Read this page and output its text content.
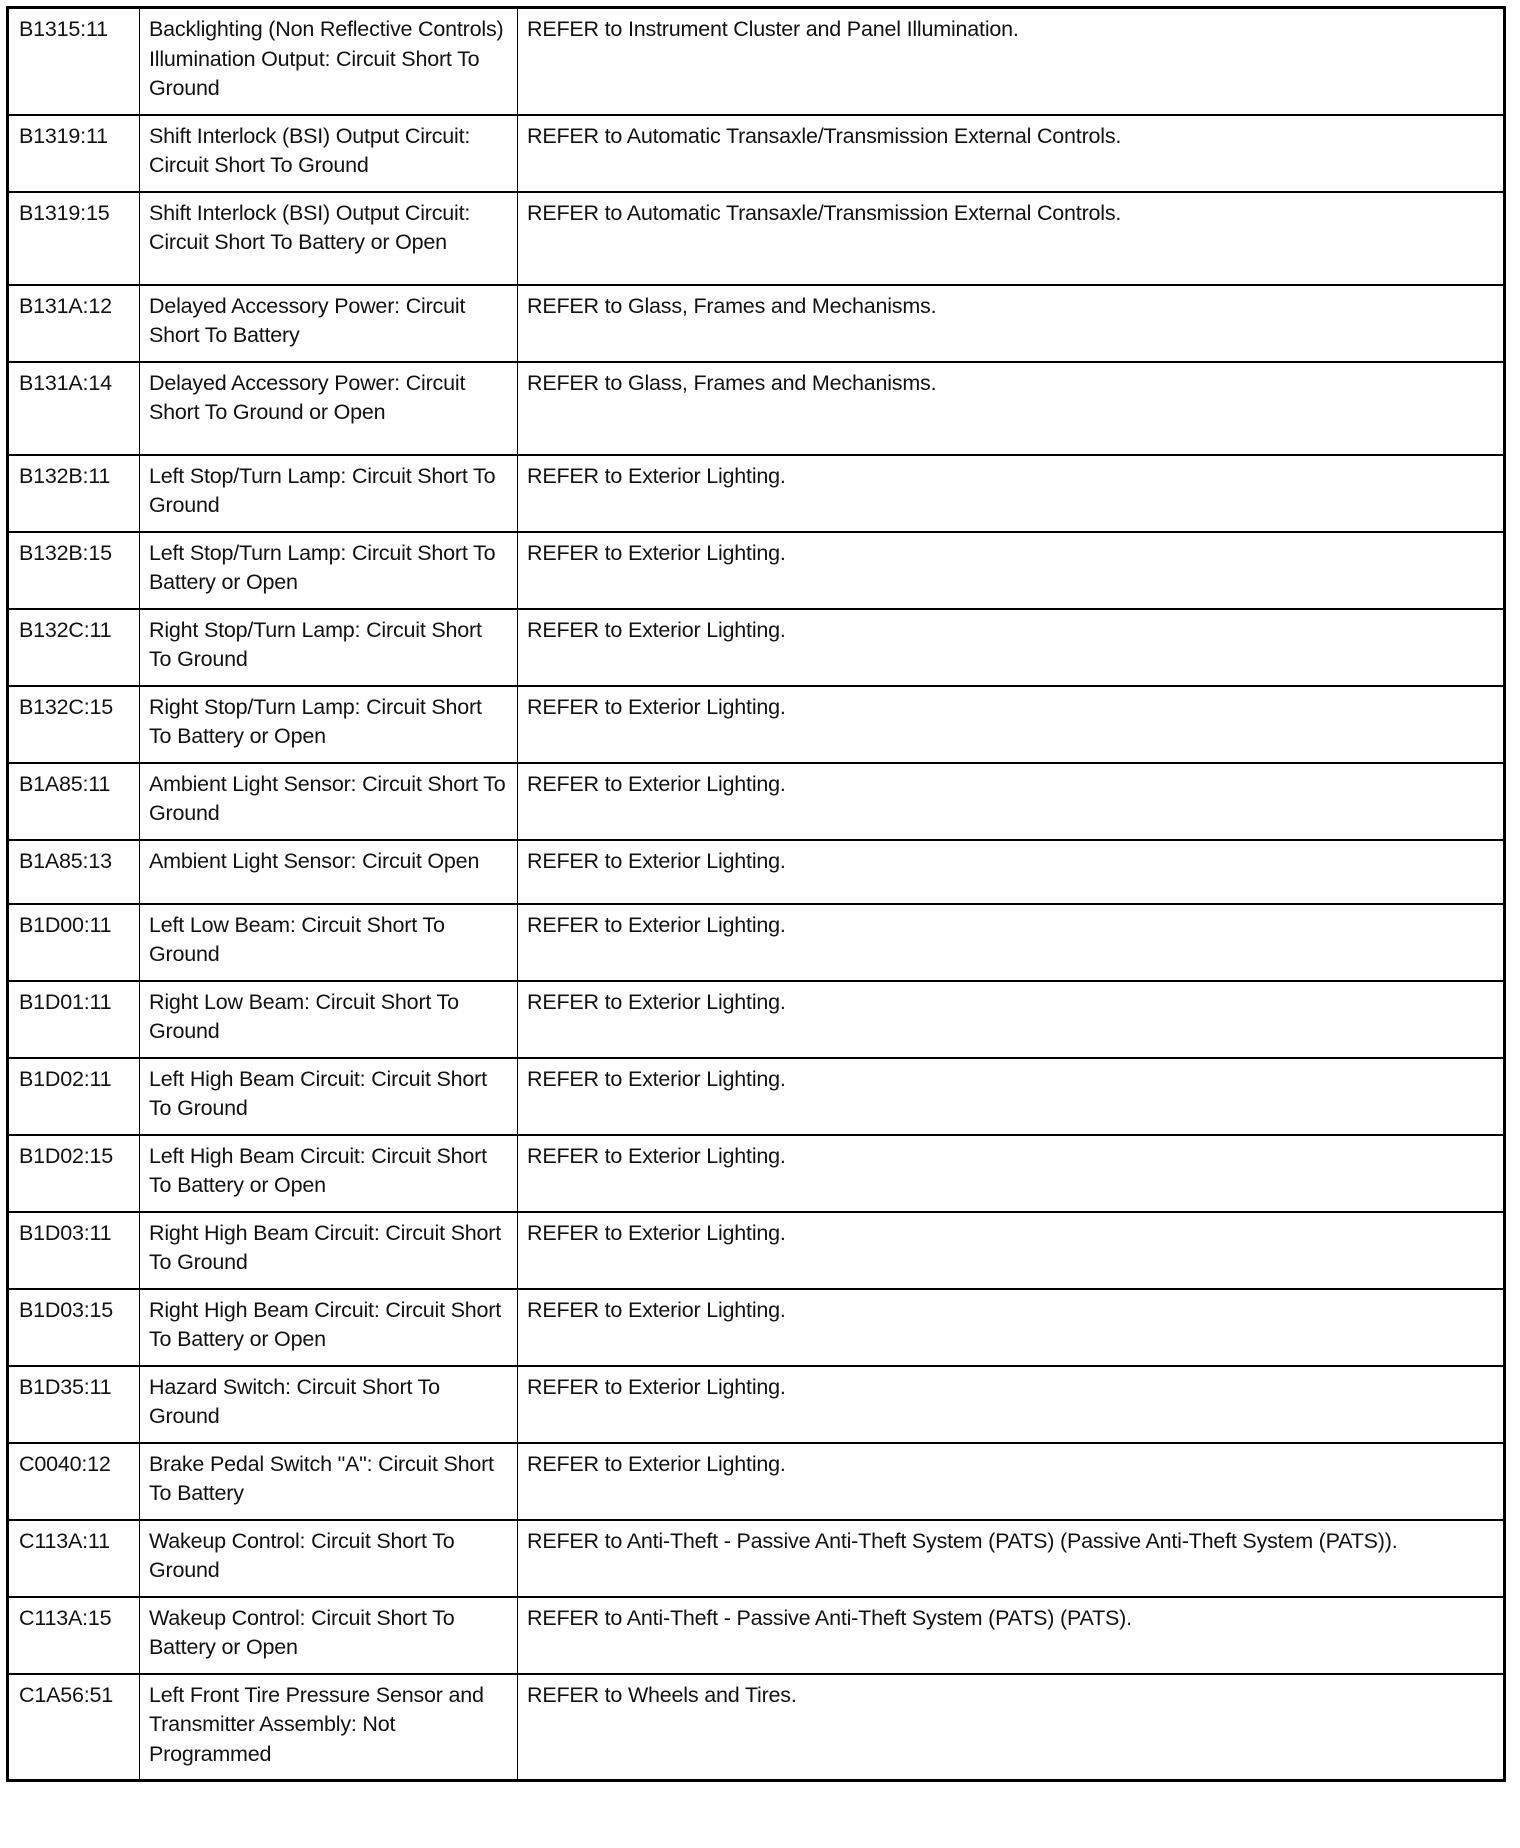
B1315:11	Backlighting (Non Reflective Controls) Illumination Output: Circuit Short To Ground	REFER to Instrument Cluster and Panel Illumination.
B1319:11	Shift Interlock (BSI) Output Circuit: Circuit Short To Ground	REFER to Automatic Transaxle/Transmission External Controls.
B1319:15	Shift Interlock (BSI) Output Circuit: Circuit Short To Battery or Open	REFER to Automatic Transaxle/Transmission External Controls.
B131A:12	Delayed Accessory Power: Circuit Short To Battery	REFER to Glass, Frames and Mechanisms.
B131A:14	Delayed Accessory Power: Circuit Short To Ground or Open	REFER to Glass, Frames and Mechanisms.
B132B:11	Left Stop/Turn Lamp: Circuit Short To Ground	REFER to Exterior Lighting.
B132B:15	Left Stop/Turn Lamp: Circuit Short To Battery or Open	REFER to Exterior Lighting.
B132C:11	Right Stop/Turn Lamp: Circuit Short To Ground	REFER to Exterior Lighting.
B132C:15	Right Stop/Turn Lamp: Circuit Short To Battery or Open	REFER to Exterior Lighting.
B1A85:11	Ambient Light Sensor: Circuit Short To Ground	REFER to Exterior Lighting.
B1A85:13	Ambient Light Sensor: Circuit Open	REFER to Exterior Lighting.
B1D00:11	Left Low Beam: Circuit Short To Ground	REFER to Exterior Lighting.
B1D01:11	Right Low Beam: Circuit Short To Ground	REFER to Exterior Lighting.
B1D02:11	Left High Beam Circuit: Circuit Short To Ground	REFER to Exterior Lighting.
B1D02:15	Left High Beam Circuit: Circuit Short To Battery or Open	REFER to Exterior Lighting.
B1D03:11	Right High Beam Circuit: Circuit Short To Ground	REFER to Exterior Lighting.
B1D03:15	Right High Beam Circuit: Circuit Short To Battery or Open	REFER to Exterior Lighting.
B1D35:11	Hazard Switch: Circuit Short To Ground	REFER to Exterior Lighting.
C0040:12	Brake Pedal Switch "A": Circuit Short To Battery	REFER to Exterior Lighting.
C113A:11	Wakeup Control: Circuit Short To Ground	REFER to Anti-Theft - Passive Anti-Theft System (PATS) (Passive Anti-Theft System (PATS)).
C113A:15	Wakeup Control: Circuit Short To Battery or Open	REFER to Anti-Theft - Passive Anti-Theft System (PATS) (PATS).
C1A56:51	Left Front Tire Pressure Sensor and Transmitter Assembly: Not Programmed	REFER to Wheels and Tires.
